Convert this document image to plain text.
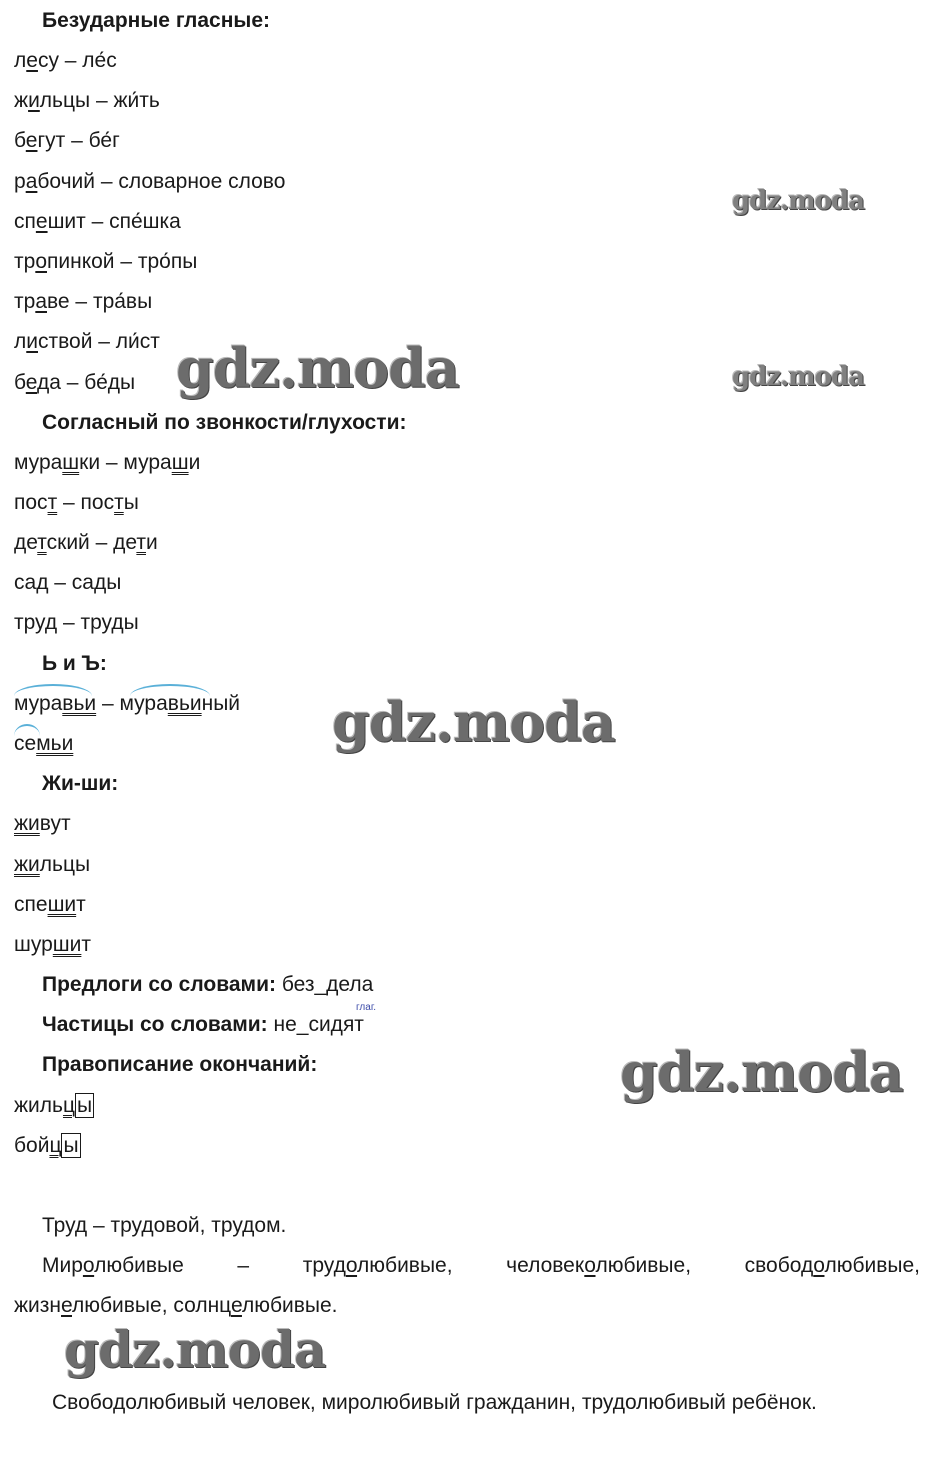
Безударные гласные:
лесу – ле́с
жильцы – жи́ть
бегут – бе́г
рабочий – словарное слово
спешит – спе́шка
тропинкой – тро́пы
траве – тра́вы
листвой – ли́ст
беда – бе́ды
Согласный по звонкости/глухости:
мурашки – мураши
пост – посты
детский – дети
сад – сады
труд – труды
Ь и Ъ:
муравьи – муравьиный
семьи
Жи-ши:
живут
жильцы
спешит
шуршит
Предлоги со словами: без_дела
глаг.
Частицы со словами: не_сидят
Правописание окончаний:
жильцы
бойцы
Труд – трудовой, трудом.
Миролюбивые	–	трудолюбивые,	человеколюбивые,	свободолюбивые,
жизнелюбивые, солнцелюбивые.
Свободолюбивый человек, миролюбивый гражданин, трудолюбивый ребёнок.
gdz.moda
gdz.moda	gdz.moda
gdz.moda
gdz.moda
gdz.moda
